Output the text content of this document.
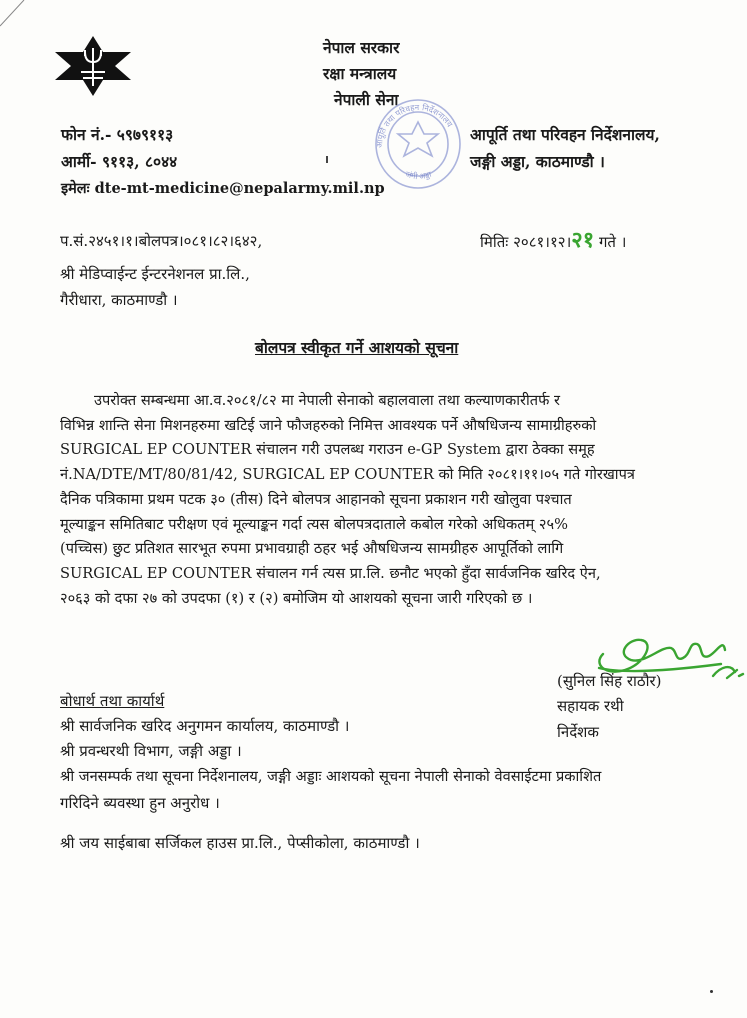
नेपाल सरकार
रक्षा मन्त्रालय
नेपाली सेना
आपूर्ति तथा परिवहन निर्देशनालय
जंगी अड्डा
फोन नं.- ५९७९११३
आर्मी- ९११३, ८०४४
इमेलः dte-mt-medicine@nepalarmy.mil.np
आपूर्ति तथा परिवहन निर्देशनालय,
जङ्गी अड्डा, काठमाण्डौ ।
प.सं.२४५१।१।बोलपत्र।०८१।८२।६४२,	मितिः २०८१।१२।२१ गते ।
श्री मेडिप्वाईन्ट ईन्टरनेशनल प्रा.लि.,
गैरीधारा, काठमाण्डौ ।
बोलपत्र स्वीकृत गर्ने आशयको सूचना
उपरोक्त सम्बन्धमा आ.व.२०८१/८२ मा नेपाली सेनाको बहालवाला तथा कल्याणकारीतर्फ र
विभिन्न शान्ति सेना मिशनहरुमा खटिई जाने फौजहरुको निमित्त आवश्यक पर्ने औषधिजन्य सामाग्रीहरुको
SURGICAL EP COUNTER संचालन गरी उपलब्ध गराउन e-GP System द्वारा ठेक्का समूह
नं.NA/DTE/MT/80/81/42, SURGICAL EP COUNTER को मिति २०८१।११।०५ गते गोरखापत्र
दैनिक पत्रिकामा प्रथम पटक ३० (तीस) दिने बोलपत्र आहानको सूचना प्रकाशन गरी खोलुवा पश्चात
मूल्याङ्कन समितिबाट परीक्षण एवं मूल्याङ्कन गर्दा त्यस बोलपत्रदाताले कबोल गरेको अधिकतम् २५%
(पच्चिस) छुट प्रतिशत सारभूत रुपमा प्रभावग्राही ठहर भई औषधिजन्य सामग्रीहरु आपूर्तिको लागि
SURGICAL EP COUNTER संचालन गर्न त्यस प्रा.लि. छनौट भएको हुँदा सार्वजनिक खरिद ऐन,
२०६३ को दफा २७ को उपदफा (१) र (२) बमोजिम यो आशयको सूचना जारी गरिएको छ ।
(सुनिल सिंह राठौर)
सहायक रथी
निर्देशक
बोधार्थ तथा कार्यार्थ
श्री सार्वजनिक खरिद अनुगमन कार्यालय, काठमाण्डौ ।
श्री प्रवन्धरथी विभाग, जङ्गी अड्डा ।
श्री जनसम्पर्क तथा सूचना निर्देशनालय, जङ्गी अड्डाः आशयको सूचना नेपाली सेनाको वेवसाईटमा प्रकाशित
गरिदिने ब्यवस्था हुन अनुरोध ।
श्री जय साईबाबा सर्जिकल हाउस प्रा.लि., पेप्सीकोला, काठमाण्डौ ।
